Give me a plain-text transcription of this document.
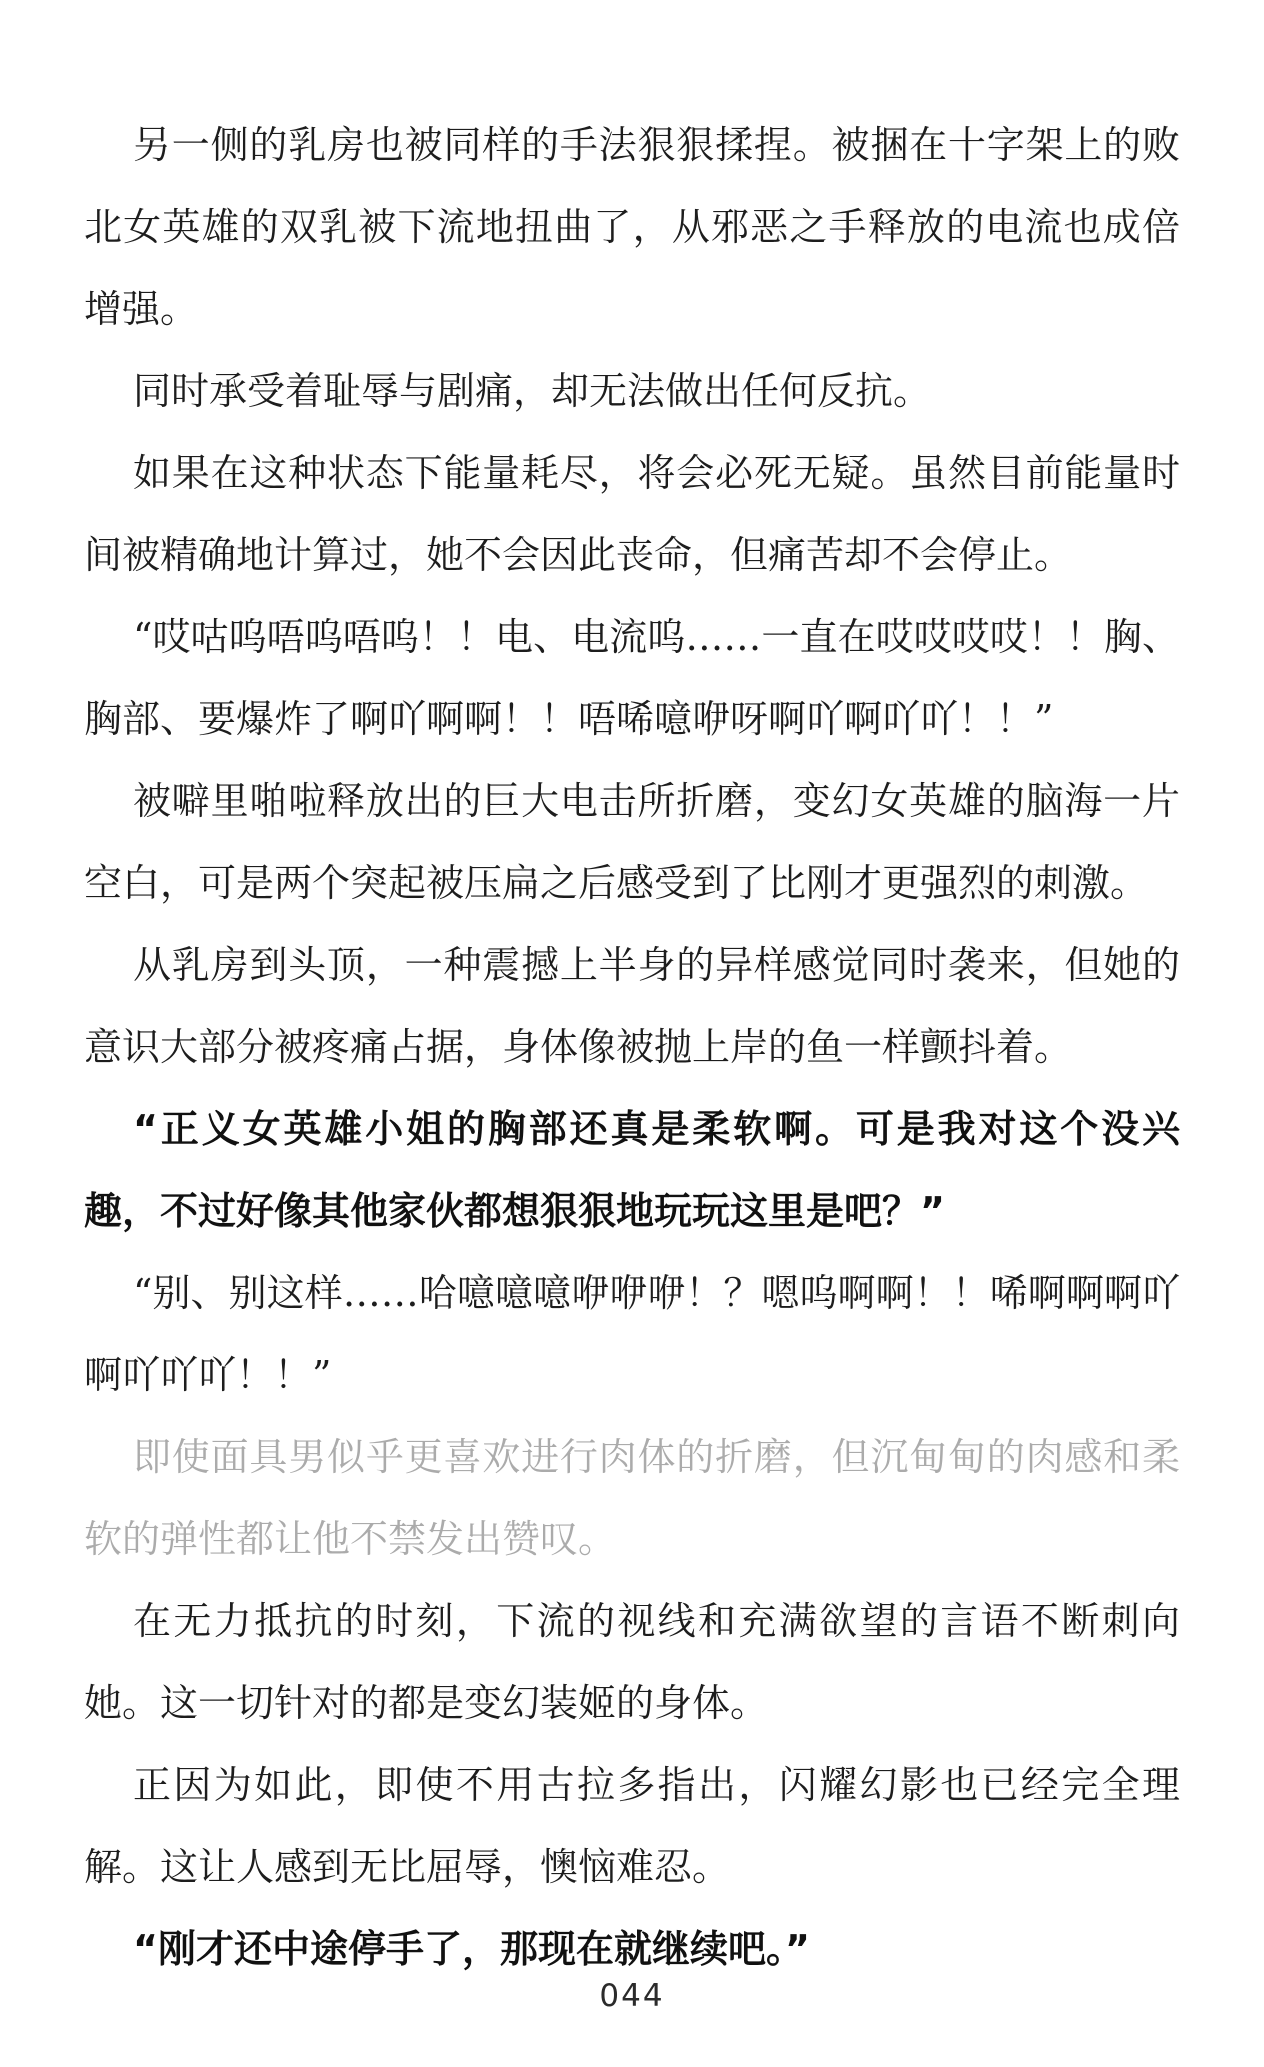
另一侧的乳房也被同样的手法狠狠揉捏。被捆在十字架上的败北女英雄的双乳被下流地扭曲了，从邪恶之手释放的电流也成倍增强。

同时承受着耻辱与剧痛，却无法做出任何反抗。

如果在这种状态下能量耗尽，将会必死无疑。虽然目前能量时间被精确地计算过，她不会因此丧命，但痛苦却不会停止。

“哎咕呜唔呜唔呜！！电、电流呜……一直在哎哎哎哎！！胸、胸部、要爆炸了啊吖啊啊！！唔唏噫咿呀啊吖啊吖吖！！”

被噼里啪啦释放出的巨大电击所折磨，变幻女英雄的脑海一片空白，可是两个突起被压扁之后感受到了比刚才更强烈的刺激。

从乳房到头顶，一种震撼上半身的异样感觉同时袭来，但她的意识大部分被疼痛占据，身体像被抛上岸的鱼一样颤抖着。

“正义女英雄小姐的胸部还真是柔软啊。可是我对这个没兴趣，不过好像其他家伙都想狠狠地玩玩这里是吧？”

“别、别这样……哈噫噫噫咿咿咿！？嗯呜啊啊！！唏啊啊啊吖啊吖吖吖！！”

即使面具男似乎更喜欢进行肉体的折磨，但沉甸甸的肉感和柔软的弹性都让他不禁发出赞叹。

在无力抵抗的时刻，下流的视线和充满欲望的言语不断刺向她。这一切针对的都是变幻装姬的身体。

正因为如此，即使不用古拉多指出，闪耀幻影也已经完全理解。这让人感到无比屈辱，懊恼难忍。

“刚才还中途停手了，那现在就继续吧。”

044
